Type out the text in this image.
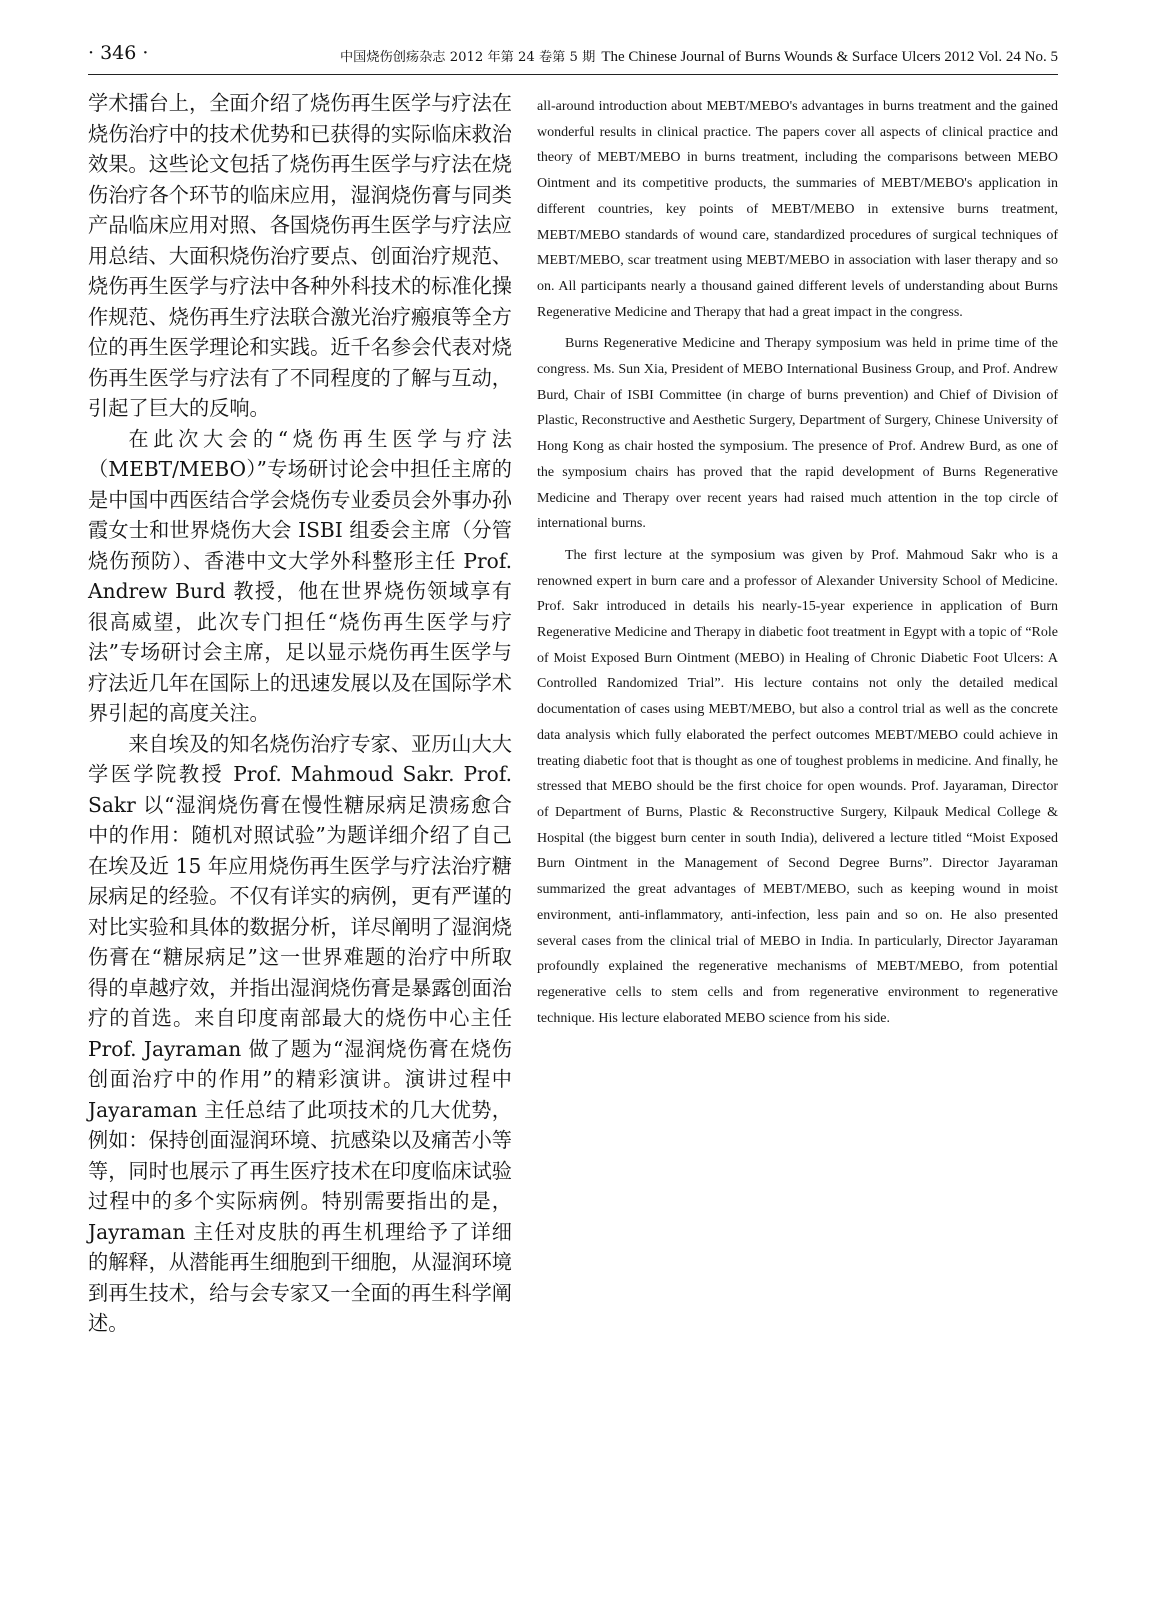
· 346 ·	中国烧伤创疡杂志 2012 年第 24 卷第 5 期 The Chinese Journal of Burns Wounds & Surface Ulcers 2012 Vol. 24 No. 5

学术擂台上，全面介绍了烧伤再生医学与疗法在烧伤治疗中的技术优势和已获得的实际临床救治效果。这些论文包括了烧伤再生医学与疗法在烧伤治疗各个环节的临床应用，湿润烧伤膏与同类产品临床应用对照、各国烧伤再生医学与疗法应用总结、大面积烧伤治疗要点、创面治疗规范、烧伤再生医学与疗法中各种外科技术的标准化操作规范、烧伤再生疗法联合激光治疗瘢痕等全方位的再生医学理论和实践。近千名参会代表对烧伤再生医学与疗法有了不同程度的了解与互动，引起了巨大的反响。

在此次大会的“烧伤再生医学与疗法（MEBT/MEBO）”专场研讨论会中担任主席的是中国中西医结合学会烧伤专业委员会外事办孙霞女士和世界烧伤大会 ISBI 组委会主席（分管烧伤预防）、香港中文大学外科整形主任 Prof. Andrew Burd 教授，他在世界烧伤领域享有很高威望，此次专门担任“烧伤再生医学与疗法”专场研讨会主席，足以显示烧伤再生医学与疗法近几年在国际上的迅速发展以及在国际学术界引起的高度关注。

来自埃及的知名烧伤治疗专家、亚历山大大学医学院教授 Prof. Mahmoud Sakr. Prof. Sakr 以“湿润烧伤膏在慢性糖尿病足溃疡愈合中的作用：随机对照试验”为题详细介绍了自己在埃及近 15 年应用烧伤再生医学与疗法治疗糖尿病足的经验。不仅有详实的病例，更有严谨的对比实验和具体的数据分析，详尽阐明了湿润烧伤膏在“糖尿病足”这一世界难题的治疗中所取得的卓越疗效，并指出湿润烧伤膏是暴露创面治疗的首选。来自印度南部最大的烧伤中心主任 Prof. Jayraman 做了题为“湿润烧伤膏在烧伤创面治疗中的作用”的精彩演讲。演讲过程中 Jayaraman 主任总结了此项技术的几大优势，例如：保持创面湿润环境、抗感染以及痛苦小等等，同时也展示了再生医疗技术在印度临床试验过程中的多个实际病例。特别需要指出的是，Jayraman 主任对皮肤的再生机理给予了详细的解释，从潜能再生细胞到干细胞，从湿润环境到再生技术，给与会专家又一全面的再生科学阐述。

all-around introduction about MEBT/MEBO's advantages in burns treatment and the gained wonderful results in clinical practice. The papers cover all aspects of clinical practice and theory of MEBT/MEBO in burns treatment, including the comparisons between MEBO Ointment and its competitive products, the summaries of MEBT/MEBO's application in different countries, key points of MEBT/MEBO in extensive burns treatment, MEBT/MEBO standards of wound care, standardized procedures of surgical techniques of MEBT/MEBO, scar treatment using MEBT/MEBO in association with laser therapy and so on. All participants nearly a thousand gained different levels of understanding about Burns Regenerative Medicine and Therapy that had a great impact in the congress.

Burns Regenerative Medicine and Therapy symposium was held in prime time of the congress. Ms. Sun Xia, President of MEBO International Business Group, and Prof. Andrew Burd, Chair of ISBI Committee (in charge of burns prevention) and Chief of Division of Plastic, Reconstructive and Aesthetic Surgery, Department of Surgery, Chinese University of Hong Kong as chair hosted the symposium. The presence of Prof. Andrew Burd, as one of the symposium chairs has proved that the rapid development of Burns Regenerative Medicine and Therapy over recent years had raised much attention in the top circle of international burns.

The first lecture at the symposium was given by Prof. Mahmoud Sakr who is a renowned expert in burn care and a professor of Alexander University School of Medicine. Prof. Sakr introduced in details his nearly-15-year experience in application of Burn Regenerative Medicine and Therapy in diabetic foot treatment in Egypt with a topic of “Role of Moist Exposed Burn Ointment (MEBO) in Healing of Chronic Diabetic Foot Ulcers: A Controlled Randomized Trial”. His lecture contains not only the detailed medical documentation of cases using MEBT/MEBO, but also a control trial as well as the concrete data analysis which fully elaborated the perfect outcomes MEBT/MEBO could achieve in treating diabetic foot that is thought as one of toughest problems in medicine. And finally, he stressed that MEBO should be the first choice for open wounds. Prof. Jayaraman, Director of Department of Burns, Plastic & Reconstructive Surgery, Kilpauk Medical College & Hospital (the biggest burn center in south India), delivered a lecture titled “Moist Exposed Burn Ointment in the Management of Second Degree Burns”. Director Jayaraman summarized the great advantages of MEBT/MEBO, such as keeping wound in moist environment, anti-inflammatory, anti-infection, less pain and so on. He also presented several cases from the clinical trial of MEBO in India. In particularly, Director Jayaraman profoundly explained the regenerative mechanisms of MEBT/MEBO, from potential regenerative cells to stem cells and from regenerative environment to regenerative technique. His lecture elaborated MEBO science from his side.
